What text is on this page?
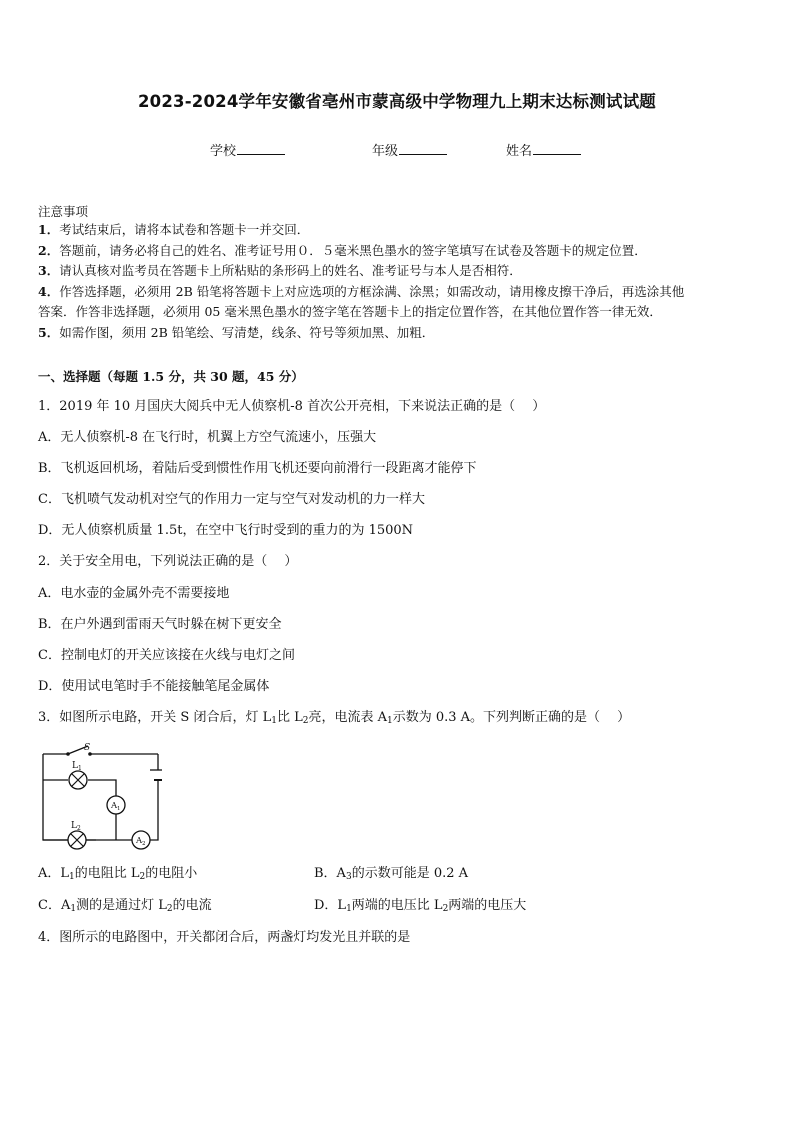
2023-2024学年安徽省亳州市蒙高级中学物理九上期末达标测试试题
学校	年级	姓名
注意事项
1．考试结束后，请将本试卷和答题卡一并交回．
2．答题前，请务必将自己的姓名、准考证号用０．５毫米黑色墨水的签字笔填写在试卷及答题卡的规定位置．
3．请认真核对监考员在答题卡上所粘贴的条形码上的姓名、准考证号与本人是否相符．
4．作答选择题，必须用 2B 铅笔将答题卡上对应选项的方框涂满、涂黑；如需改动，请用橡皮擦干净后，再选涂其他
答案．作答非选择题，必须用 05 毫米黑色墨水的签字笔在答题卡上的指定位置作答，在其他位置作答一律无效．
5．如需作图，须用 2B 铅笔绘、写清楚，线条、符号等须加黑、加粗．
一、选择题（每题 1.5 分，共 30 题，45 分）
1．2019 年 10 月国庆大阅兵中无人侦察机-8 首次公开亮相，下来说法正确的是（　 ）
A．无人侦察机-8 在飞行时，机翼上方空气流速小，压强大
B．飞机返回机场，着陆后受到惯性作用飞机还要向前滑行一段距离才能停下
C．飞机喷气发动机对空气的作用力一定与空气对发动机的力一样大
D．无人侦察机质量 1.5t，在空中飞行时受到的重力的为 1500N
2．关于安全用电，下列说法正确的是（　 ）
A．电水壶的金属外壳不需要接地
B．在户外遇到雷雨天气时躲在树下更安全
C．控制电灯的开关应该接在火线与电灯之间
D．使用试电笔时手不能接触笔尾金属体
3．如图所示电路，开关 S 闭合后，灯 $L_1$比 $L_2$亮，电流表 $A_1$示数为 0.3 A。下列判断正确的是（　 ）
S
L 1
L 2
A 1
A 2
A．$L_1$的电阻比 $L_2$的电阻小	B．$A_3$的示数可能是 0.2 A
C．$A_1$测的是通过灯 $L_2$的电流	D．$L_1$两端的电压比 $L_2$两端的电压大
4．图所示的电路图中，开关都闭合后，两盏灯均发光且并联的是
